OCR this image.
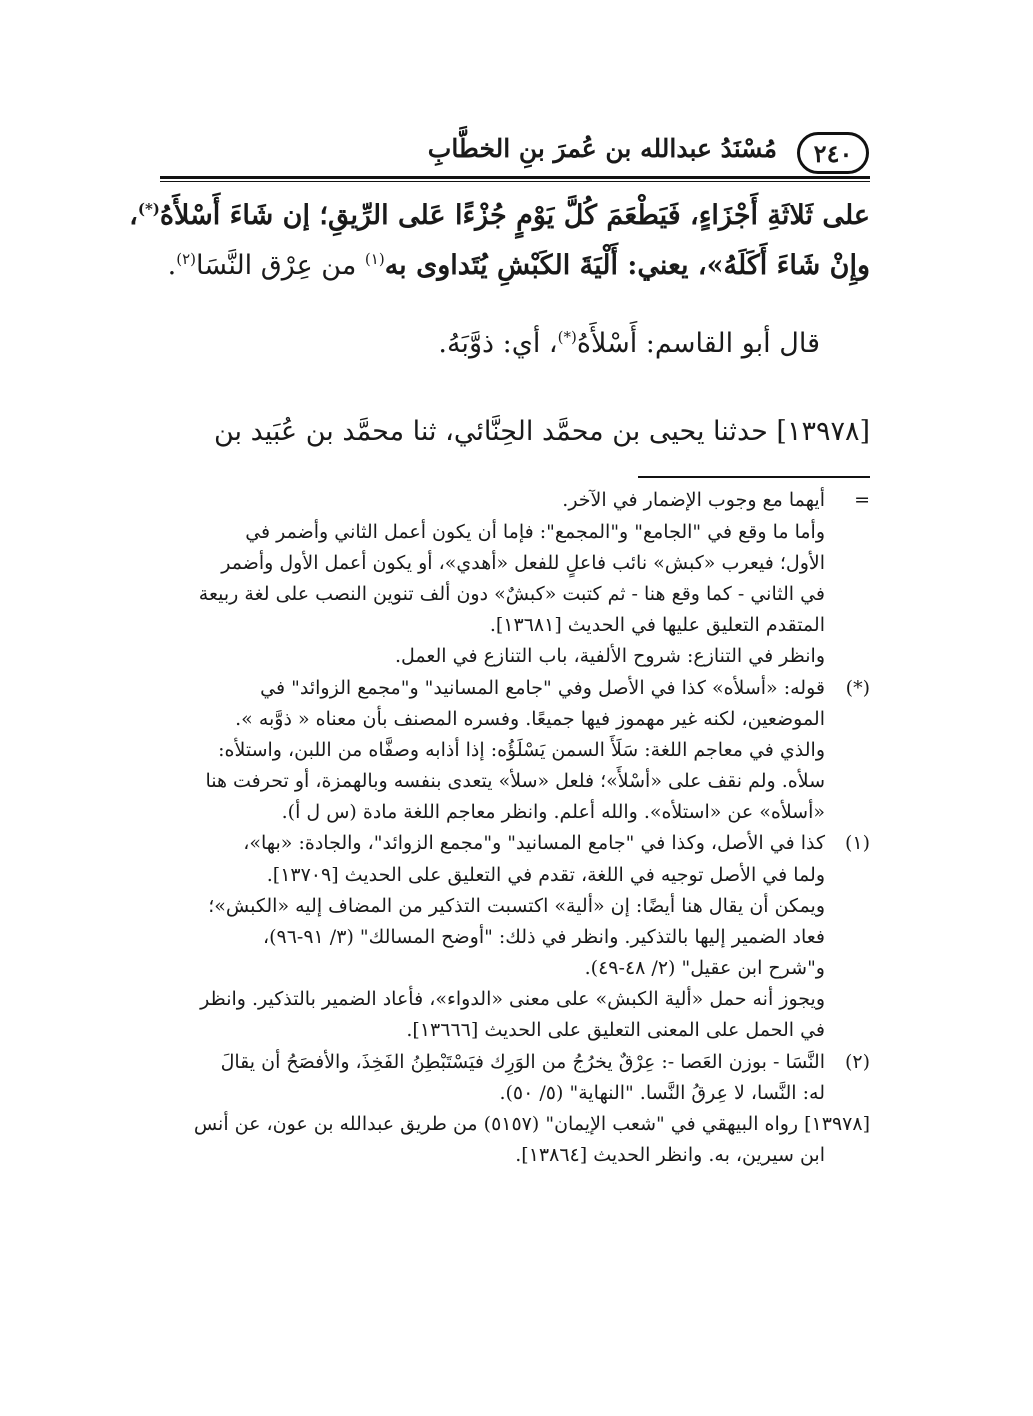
٢٤٠
مُسْنَدُ عبدالله بن عُمرَ بنِ الخطَّابِ

على ثَلاثَةِ أَجْزَاءٍ، فَيَطْعَمَ كُلَّ يَوْمٍ جُزْءًا عَلى الرِّيقِ؛ إن شَاءَ أَسْلأَهُ(*)،

وإِنْ شَاءَ أَكَلَهُ»، يعني: أَلْيَةَ الكَبْشِ يُتَداوى به$^{(١)}$ من عِرْق النَّسَا$^{(٢)}$.

قال أبو القاسم: أَسْلأَهُ(*)، أي: ذوَّبَهُ.

[١٣٩٧٨] حدثنا يحيى بن محمَّد الحِنَّائي، ثنا محمَّد بن عُبَيد بن

=
أيهما مع وجوب الإضمار في الآخر.
وأما ما وقع في "الجامع" و"المجمع": فإما أن يكون أعمل الثاني وأضمر في
الأول؛ فيعرب «كبش» نائب فاعلٍ للفعل «أهدي»، أو يكون أعمل الأول وأضمر
في الثاني - كما وقع هنا - ثم كتبت «كبشٌ» دون ألف تنوين النصب على لغة ربيعة
المتقدم التعليق عليها في الحديث [١٣٦٨١].
وانظر في التنازع: شروح الألفية، باب التنازع في العمل.
(*)
قوله: «أسلأه» كذا في الأصل وفي "جامع المسانيد" و"مجمع الزوائد" في
الموضعين، لكنه غير مهموز فيها جميعًا. وفسره المصنف بأن معناه « ذوَّبه ».
والذي في معاجم اللغة: سَلَأَ السمن يَسْلَؤُه: إذا أذابه وصفَّاه من اللبن، واستلأه:
سلأه. ولم نقف على «أسْلأَ»؛ فلعل «سلأ» يتعدى بنفسه وبالهمزة، أو تحرفت هنا
«أسلأه» عن «استلأه». والله أعلم. وانظر معاجم اللغة مادة (س ل أ).
(١)
كذا في الأصل، وكذا في "جامع المسانيد" و"مجمع الزوائد"، والجادة: «بها»،
ولما في الأصل توجيه في اللغة، تقدم في التعليق على الحديث [١٣٧٠٩].
ويمكن أن يقال هنا أيضًا: إن «ألية» اكتسبت التذكير من المضاف إليه «الكبش»؛
فعاد الضمير إليها بالتذكير. وانظر في ذلك: "أوضح المسالك" (٣/ ٩١-٩٦)،
و"شرح ابن عقيل" (٢/ ٤٨-٤٩).
ويجوز أنه حمل «ألية الكبش» على معنى «الدواء»، فأعاد الضمير بالتذكير. وانظر
في الحمل على المعنى التعليق على الحديث [١٣٦٦٦].
(٢)
النَّسَا - بوزن العَصا -: عِرْقٌ يخرُجُ من الوَرِك فيَسْتَبْطِنُ الفَخِذَ، والأفصَحُ أن يقالَ
له: النَّسا، لا عِرقُ النَّسا. "النهاية" (٥/ ٥٠).
[١٣٩٧٨] رواه البيهقي في "شعب الإيمان" (٥١٥٧) من طريق عبدالله بن عون، عن أنس
ابن سيرين، به. وانظر الحديث [١٣٨٦٤].
